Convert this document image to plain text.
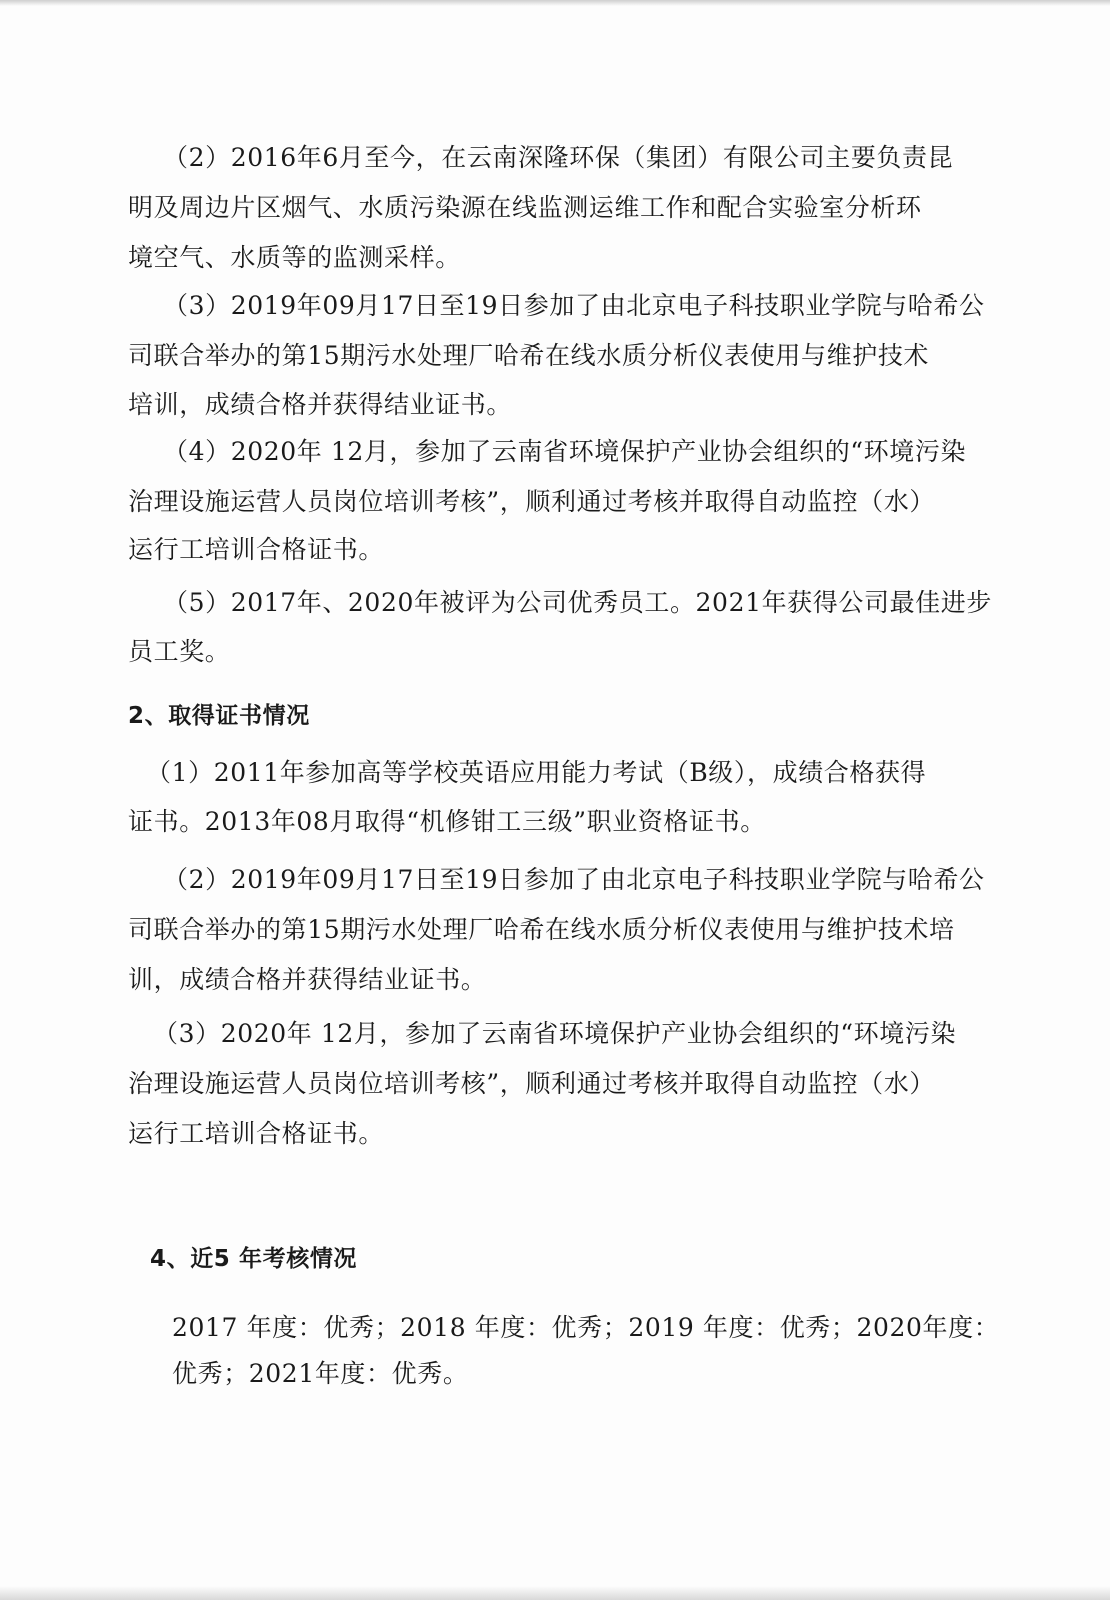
（2）2016年6月至今，在云南深隆环保（集团）有限公司主要负责昆
明及周边片区烟气、水质污染源在线监测运维工作和配合实验室分析环
境空气、水质等的监测采样。
（3）2019年09月17日至19日参加了由北京电子科技职业学院与哈希公
司联合举办的第15期污水处理厂哈希在线水质分析仪表使用与维护技术
培训，成绩合格并获得结业证书。
（4）2020年 12月，参加了云南省环境保护产业协会组织的“环境污染
治理设施运营人员岗位培训考核”，顺利通过考核并取得自动监控（水）
运行工培训合格证书。
（5）2017年、2020年被评为公司优秀员工。2021年获得公司最佳进步
员工奖。
2、取得证书情况
（1）2011年参加高等学校英语应用能力考试（B级），成绩合格获得
证书。2013年08月取得“机修钳工三级”职业资格证书。
（2）2019年09月17日至19日参加了由北京电子科技职业学院与哈希公
司联合举办的第15期污水处理厂哈希在线水质分析仪表使用与维护技术培
训，成绩合格并获得结业证书。
（3）2020年 12月，参加了云南省环境保护产业协会组织的“环境污染
治理设施运营人员岗位培训考核”，顺利通过考核并取得自动监控（水）
运行工培训合格证书。
4、近5 年考核情况
2017 年度：优秀；2018 年度：优秀；2019 年度：优秀；2020年度：
优秀；2021年度：优秀。
